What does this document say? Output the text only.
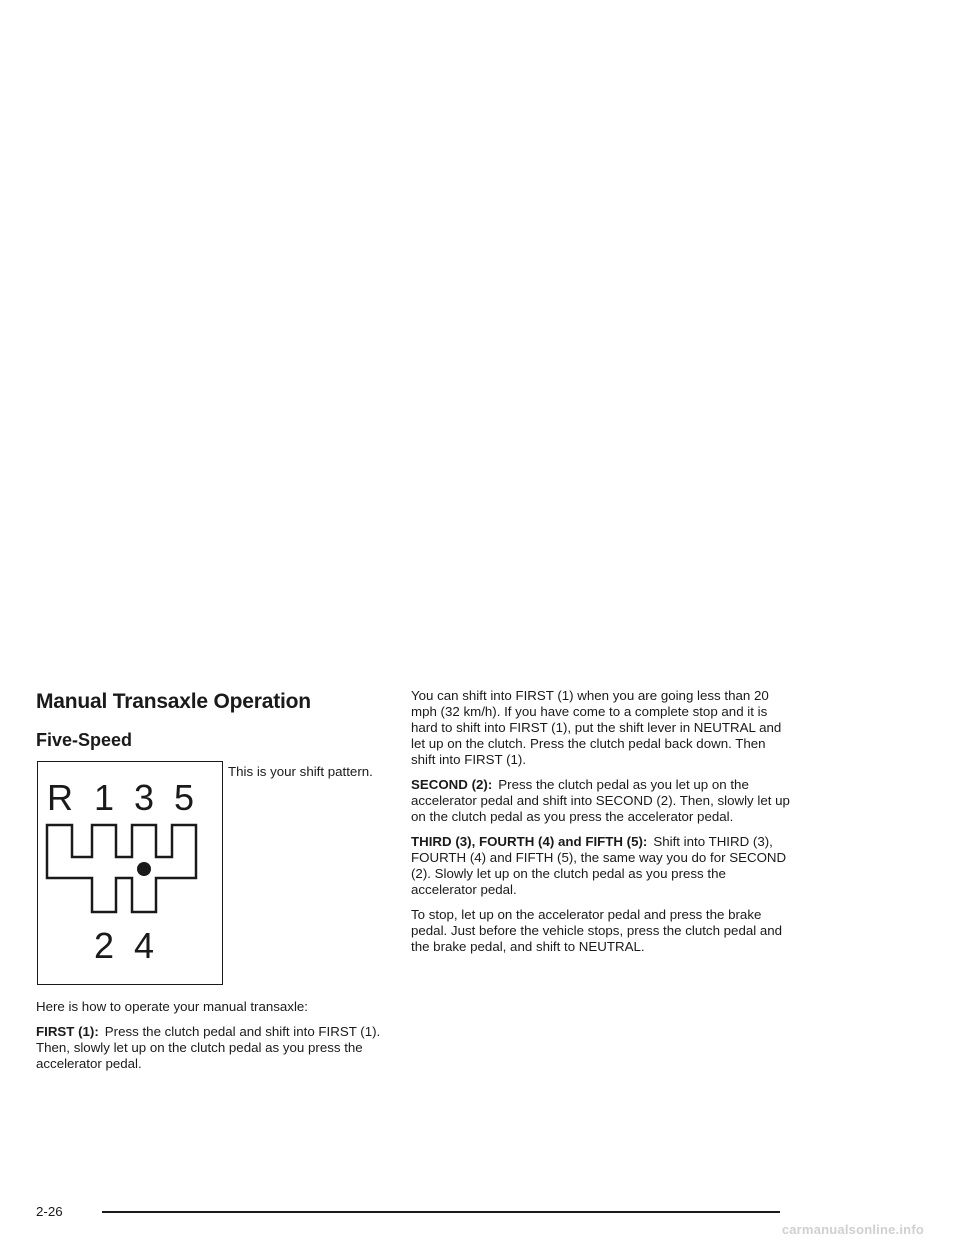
Manual Transaxle Operation
Five-Speed
R 1 3 5
2 4

This is your shift pattern.

Here is how to operate your manual transaxle:

FIRST (1): Press the clutch pedal and shift into FIRST (1). Then, slowly let up on the clutch pedal as you press the accelerator pedal.

You can shift into FIRST (1) when you are going less than 20 mph (32 km/h). If you have come to a complete stop and it is hard to shift into FIRST (1), put the shift lever in NEUTRAL and let up on the clutch. Press the clutch pedal back down. Then shift into FIRST (1).

SECOND (2): Press the clutch pedal as you let up on the accelerator pedal and shift into SECOND (2). Then, slowly let up on the clutch pedal as you press the accelerator pedal.

THIRD (3), FOURTH (4) and FIFTH (5): Shift into THIRD (3), FOURTH (4) and FIFTH (5), the same way you do for SECOND (2). Slowly let up on the clutch pedal as you press the accelerator pedal.

To stop, let up on the accelerator pedal and press the brake pedal. Just before the vehicle stops, press the clutch pedal and the brake pedal, and shift to NEUTRAL.

2-26
carmanualsonline.info
